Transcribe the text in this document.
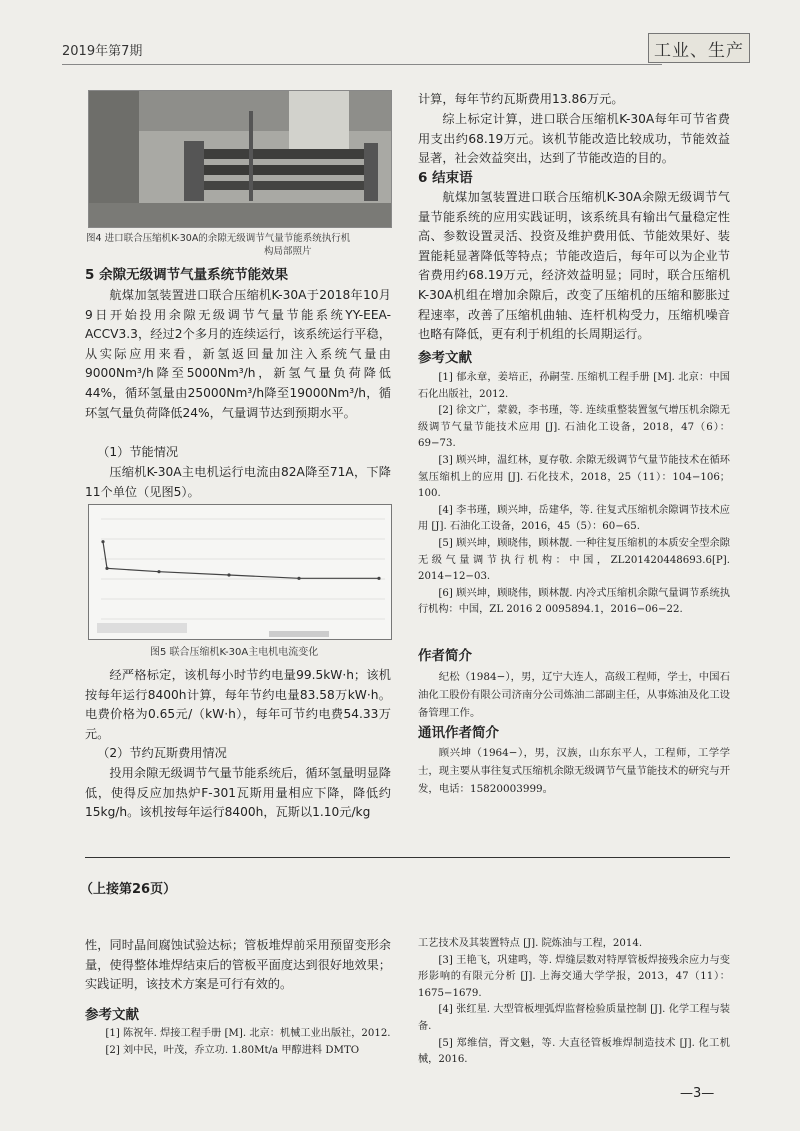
2019年第7期	工业、生产
图4 进口联合压缩机K-30A的余隙无级调节气量节能系统执行机
构局部照片
5 余隙无级调节气量系统节能效果

航煤加氢装置进口联合压缩机K-30A于2018年10月9日开始投用余隙无级调节气量节能系统YY-EEA-ACCV3.3，经过2个多月的连续运行，该系统运行平稳，从实际应用来看，新氢返回量加注入系统气量由9000Nm³/h降至5000Nm³/h，新氢气量负荷降低44%，循环氢量由25000Nm³/h降至19000Nm³/h，循环氢气量负荷降低24%，气量调节达到预期水平。

（1）节能情况

压缩机K-30A主电机运行电流由82A降至71A，下降11个单位（见图5）。

图5 联合压缩机K-30A主电机电流变化

经严格标定，该机每小时节约电量99.5kW·h；该机按每年运行8400h计算，每年节约电量83.58万kW·h。电费价格为0.65元/（kW·h），每年可节约电费54.33万元。

（2）节约瓦斯费用情况

投用余隙无级调节气量节能系统后，循环氢量明显降低，使得反应加热炉F-301瓦斯用量相应下降，降低约15kg/h。该机按每年运行8400h，瓦斯以1.10元/kg

计算，每年节约瓦斯费用13.86万元。

综上标定计算，进口联合压缩机K-30A每年可节省费用支出约68.19万元。该机节能改造比较成功，节能效益显著，社会效益突出，达到了节能改造的目的。

6 结束语

航煤加氢装置进口联合压缩机K-30A余隙无级调节气量节能系统的应用实践证明，该系统具有输出气量稳定性高、参数设置灵活、投资及维护费用低、节能效果好、装置能耗显著降低等特点；节能改造后，每年可以为企业节省费用约68.19万元，经济效益明显；同时，联合压缩机K-30A机组在增加余隙后，改变了压缩机的压缩和膨胀过程速率，改善了压缩机曲轴、连杆机构受力，压缩机噪音也略有降低，更有利于机组的长周期运行。

参考文献
[1] 郁永章，姜培正，孙嗣莹. 压缩机工程手册 [M]. 北京：中国石化出版社，2012.
[2] 徐文广，蒙毅，李书瑾，等. 连续重整装置氢气增压机余隙无级调节气量节能技术应用 [J]. 石油化工设备，2018，47（6）：69−73.
[3] 顾兴坤，温红林，夏存敬. 余隙无级调节气量节能技术在循环氢压缩机上的应用 [J]. 石化技术，2018，25（11）：104−106；100.
[4] 李书瑾，顾兴坤，岳建华，等. 往复式压缩机余隙调节技术应用 [J]. 石油化工设备，2016，45（5）：60−65.
[5] 顾兴坤，顾晓伟，顾林靓. 一种往复压缩机的本质安全型余隙无级气量调节执行机构：中国，ZL201420448693.6[P]. 2014−12−03.
[6] 顾兴坤，顾晓伟，顾林靓. 内冷式压缩机余隙气量调节系统执行机构：中国，ZL 2016 2 0095894.1，2016−06−22.
作者简介
纪松（1984−），男，辽宁大连人，高级工程师，学士，中国石油化工股份有限公司济南分公司炼油二部副主任，从事炼油及化工设备管理工作。
通讯作者简介
顾兴坤（1964−），男，汉族，山东东平人，工程师，工学学士，现主要从事往复式压缩机余隙无级调节气量节能技术的研究与开发，电话：15820003999。
（上接第26页）

性，同时晶间腐蚀试验达标；管板堆焊前采用预留变形余量，使得整体堆焊结束后的管板平面度达到很好地效果；实践证明，该技术方案是可行有效的。

参考文献
[1] 陈祝年. 焊接工程手册 [M]. 北京：机械工业出版社，2012.
[2] 刘中民，叶茂，乔立功. 1.80Mt/a 甲醇进料 DMTO
工艺技术及其装置特点 [J]. 院炼油与工程，2014.
[3] 王艳飞，巩建鸣，等. 焊缝层数对特厚管板焊接残余应力与变形影响的有限元分析 [J]. 上海交通大学学报，2013，47（11）：1675−1679.
[4] 张红星. 大型管板埋弧焊监督检验质量控制 [J]. 化学工程与装备.
[5] 郑维信，胥文魁，等. 大直径管板堆焊制造技术 [J]. 化工机械，2016.
—3—
